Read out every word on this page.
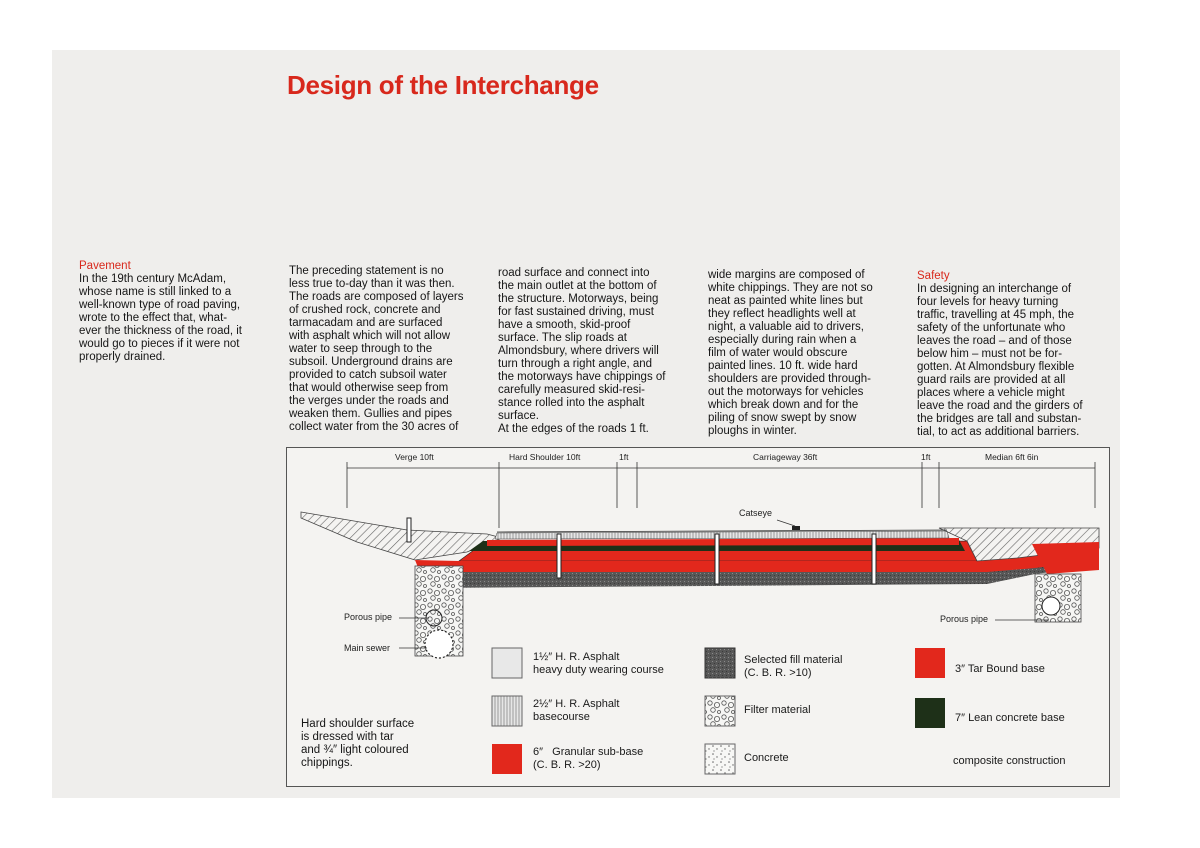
Design of the Interchange

Pavement

In the 19th century McAdam,

whose name is still linked to a

well-known type of road paving,

wrote to the effect that, what-

ever the thickness of the road, it

would go to pieces if it were not

properly drained.

The preceding statement is no

less true to-day than it was then.

The roads are composed of layers

of crushed rock, concrete and

tarmacadam and are surfaced

with asphalt which will not allow

water to seep through to the

subsoil. Underground drains are

provided to catch subsoil water

that would otherwise seep from

the verges under the roads and

weaken them. Gullies and pipes

collect water from the 30 acres of

road surface and connect into

the main outlet at the bottom of

the structure. Motorways, being

for fast sustained driving, must

have a smooth, skid-proof

surface. The slip roads at

Almondsbury, where drivers will

turn through a right angle, and

the motorways have chippings of

carefully measured skid-resi-

stance rolled into the asphalt

surface.

At the edges of the roads 1 ft.

wide margins are composed of

white chippings. They are not so

neat as painted white lines but

they reflect headlights well at

night, a valuable aid to drivers,

especially during rain when a

film of water would obscure

painted lines. 10 ft. wide hard

shoulders are provided through-

out the motorways for vehicles

which break down and for the

piling of snow swept by snow

ploughs in winter.

Safety

In designing an interchange of

four levels for heavy turning

traffic, travelling at 45 mph, the

safety of the unfortunate who

leaves the road – and of those

below him – must not be for-

gotten. At Almondsbury flexible

guard rails are provided at all

places where a vehicle might

leave the road and the girders of

the bridges are tall and substan-

tial, to act as additional barriers.

Verge 10ft	Hard Shoulder 10ft	1ft	Carriageway 36ft	1ft	Median 6ft 6in
Catseye
Porous pipe
Main sewer
Porous pipe

Hard shoulder surface

is dressed with tar

and ¾″ light coloured

chippings.

1½″ H. R. Asphalt
heavy duty wearing course
2½″ H. R. Asphalt
basecourse
6″   Granular sub-base
(C. B. R. >20)
Selected fill material
(C. B. R. >10)
Filter material
Concrete
3″ Tar Bound base
7″ Lean concrete base
composite construction
